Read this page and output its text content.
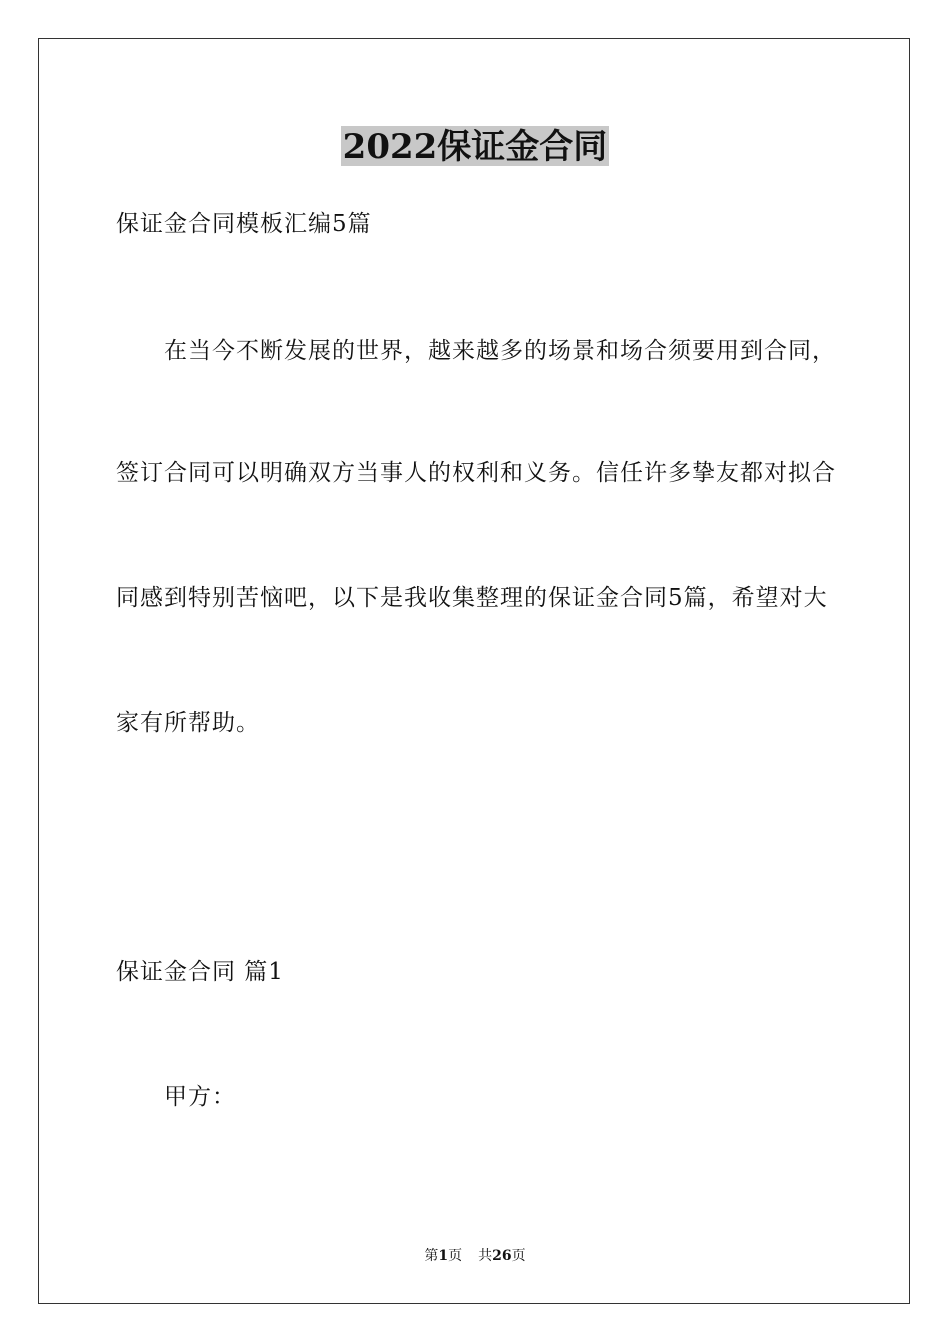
2022保证金合同
保证金合同模板汇编5篇
在当今不断发展的世界，越来越多的场景和场合须要用到合同，
签订合同可以明确双方当事人的权利和义务。信任许多挚友都对拟合
同感到特别苦恼吧，以下是我收集整理的保证金合同5篇，希望对大
家有所帮助。
保证金合同 篇1
甲方：
第1页 共26页
